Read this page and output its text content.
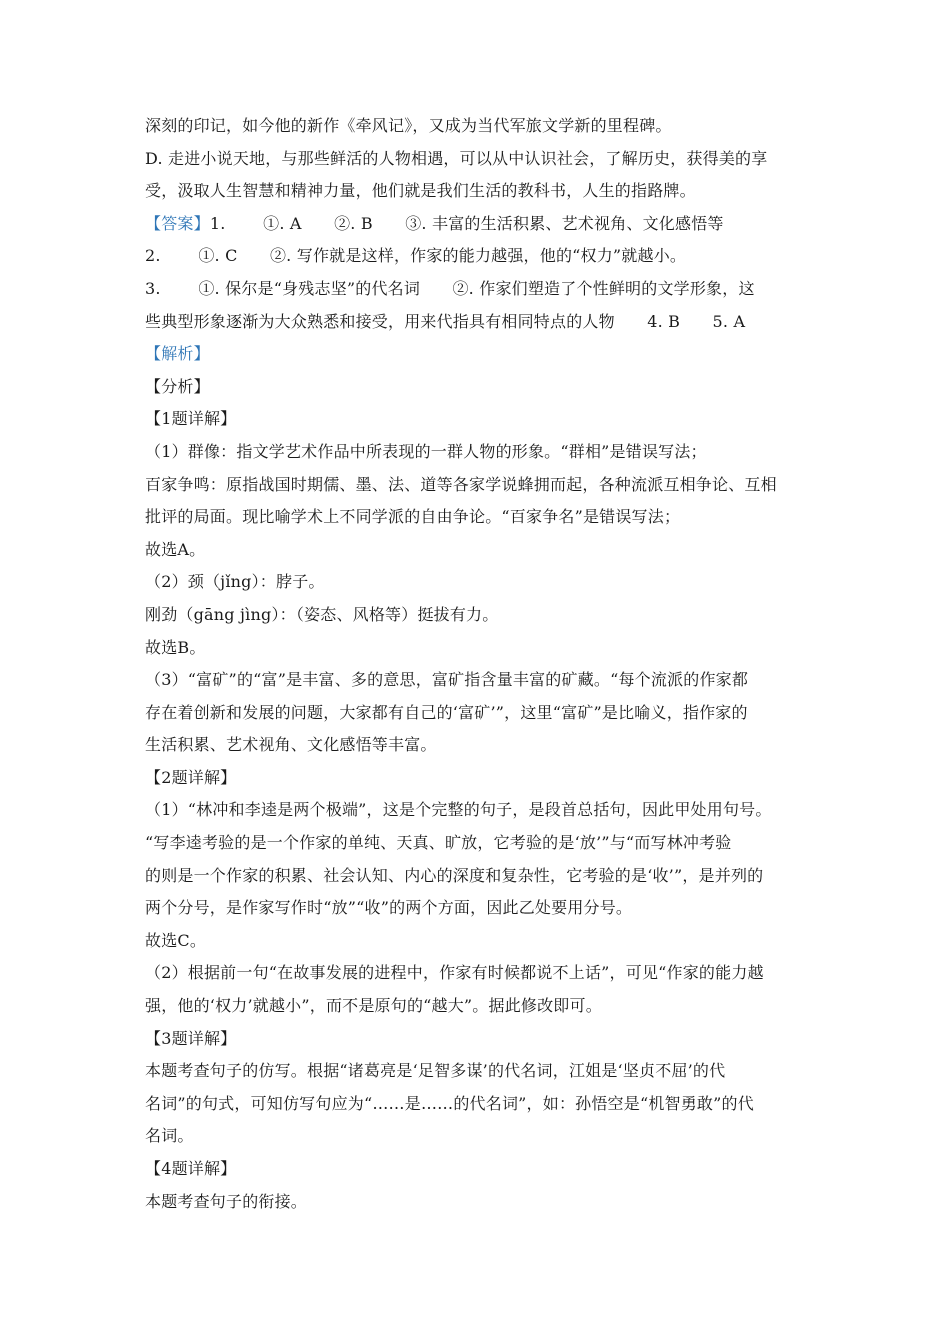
深刻的印记，如今他的新作《牵风记》，又成为当代军旅文学新的里程碑。
D. 走进小说天地，与那些鲜活的人物相遇，可以从中认识社会，了解历史，获得美的享
受，汲取人生智慧和精神力量，他们就是我们生活的教科书，人生的指路牌。
【答案】1.　　 ①. A　　②. B　　③. 丰富的生活积累、艺术视角、文化感悟等
2.　　 ①. C　　②. 写作就是这样，作家的能力越强，他的“权力”就越小。
3.　　 ①. 保尔是“身残志坚”的代名词　　②. 作家们塑造了个性鲜明的文学形象，这
些典型形象逐渐为大众熟悉和接受，用来代指具有相同特点的人物　　4. B　　5. A
【解析】
【分析】
【1题详解】
（1）群像：指文学艺术作品中所表现的一群人物的形象。“群相”是错误写法；
百家争鸣：原指战国时期儒、墨、法、道等各家学说蜂拥而起，各种流派互相争论、互相
批评的局面。现比喻学术上不同学派的自由争论。“百家争名”是错误写法；
故选A。
（2）颈（jǐng）：脖子。
刚劲（gāng jìng）：（姿态、风格等）挺拔有力。
故选B。
（3）“富矿”的“富”是丰富、多的意思，富矿指含量丰富的矿藏。“每个流派的作家都
存在着创新和发展的问题，大家都有自己的‘富矿’”，这里“富矿”是比喻义，指作家的
生活积累、艺术视角、文化感悟等丰富。
【2题详解】
（1）“林冲和李逵是两个极端”，这是个完整的句子，是段首总括句，因此甲处用句号。
“写李逵考验的是一个作家的单纯、天真、旷放，它考验的是‘放’”与“而写林冲考验
的则是一个作家的积累、社会认知、内心的深度和复杂性，它考验的是‘收’”，是并列的
两个分号，是作家写作时“放”“收”的两个方面，因此乙处要用分号。
故选C。
（2）根据前一句“在故事发展的进程中，作家有时候都说不上话”，可见“作家的能力越
强，他的‘权力’就越小”，而不是原句的“越大”。据此修改即可。
【3题详解】
本题考查句子的仿写。根据“诸葛亮是‘足智多谋’的代名词，江姐是‘坚贞不屈’的代
名词”的句式，可知仿写句应为“……是……的代名词”，如：孙悟空是“机智勇敢”的代
名词。
【4题详解】
本题考查句子的衔接。
